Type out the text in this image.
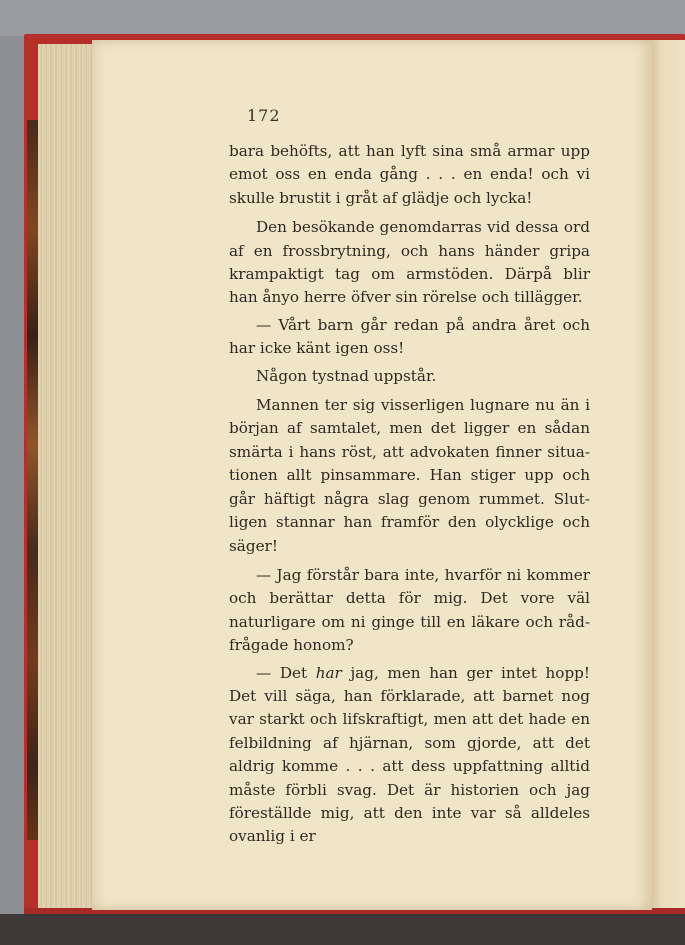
172

bara behöfts, att han lyft sina små armar upp emot oss en enda gång . . . en enda! och vi skulle brustit i gråt af glädje och lycka!

Den besökande genomdarras vid dessa ord af en frossbrytning, och hans händer gripa krampaktigt tag om armstöden. Därpå blir han ånyo herre öfver sin rörelse och tillägger.

— Vårt barn går redan på andra året och har icke känt igen oss!

Någon tystnad uppstår.

Mannen ter sig visserligen lugnare nu än i början af samtalet, men det ligger en sådan smärta i hans röst, att advokaten finner situationen allt pinsammare. Han stiger upp och går häftigt några slag genom rummet. Slutligen stannar han framför den olycklige och säger!

— Jag förstår bara inte, hvarför ni kommer och berättar detta för mig. Det vore väl naturligare om ni ginge till en läkare och rådfrågade honom?

— Det har jag, men han ger intet hopp! Det vill säga, han förklarade, att barnet nog var starkt och lifskraftigt, men att det hade en felbildning af hjärnan, som gjorde, att det aldrig komme . . . att dess uppfattning alltid måste förbli svag. Det är historien och jag föreställde mig, att den inte var så alldeles ovanlig i er
